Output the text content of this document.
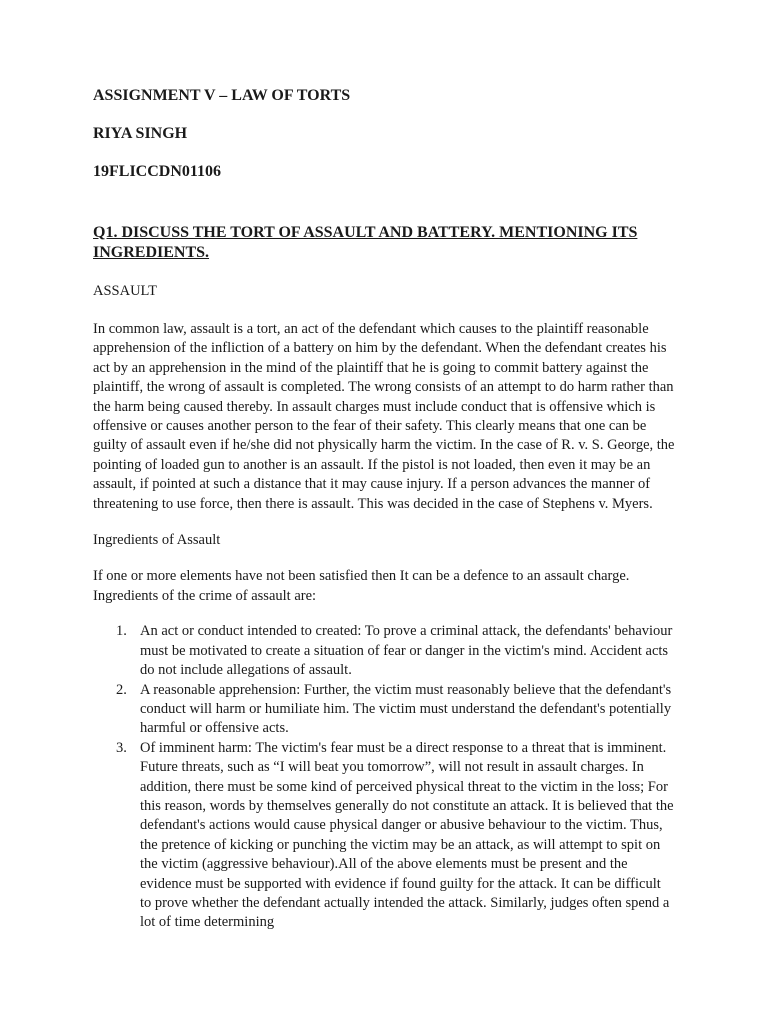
ASSIGNMENT V – LAW OF TORTS

RIYA SINGH

19FLICCDN01106

Q1. DISCUSS THE TORT OF ASSAULT AND BATTERY. MENTIONING ITS INGREDIENTS.

ASSAULT

In common law, assault is a tort, an act of the defendant which causes to the plaintiff reasonable apprehension of the infliction of a battery on him by the defendant. When the defendant creates his act by an apprehension in the mind of the plaintiff that he is going to commit battery against the plaintiff, the wrong of assault is completed. The wrong consists of an attempt to do harm rather than the harm being caused thereby. In assault charges must include conduct that is offensive which is offensive or causes another person to the fear of their safety. This clearly means that one can be guilty of assault even if he/she did not physically harm the victim. In the case of R. v. S. George, the pointing of loaded gun to another is an assault. If the pistol is not loaded, then even it may be an assault, if pointed at such a distance that it may cause injury. If a person advances the manner of threatening to use force, then there is assault. This was decided in the case of Stephens v. Myers.

Ingredients of Assault

If one or more elements have not been satisfied then It can be a defence to an assault charge. Ingredients of the crime of assault are:

1. An act or conduct intended to created: To prove a criminal attack, the defendants' behaviour must be motivated to create a situation of fear or danger in the victim's mind. Accident acts do not include allegations of assault.
2. A reasonable apprehension: Further, the victim must reasonably believe that the defendant's conduct will harm or humiliate him. The victim must understand the defendant's potentially harmful or offensive acts.
3. Of imminent harm: The victim's fear must be a direct response to a threat that is imminent. Future threats, such as “I will beat you tomorrow”, will not result in assault charges. In addition, there must be some kind of perceived physical threat to the victim in the loss; For this reason, words by themselves generally do not constitute an attack. It is believed that the defendant's actions would cause physical danger or abusive behaviour to the victim. Thus, the pretence of kicking or punching the victim may be an attack, as will attempt to spit on the victim (aggressive behaviour).All of the above elements must be present and the evidence must be supported with evidence if found guilty for the attack. It can be difficult to prove whether the defendant actually intended the attack. Similarly, judges often spend a lot of time determining
